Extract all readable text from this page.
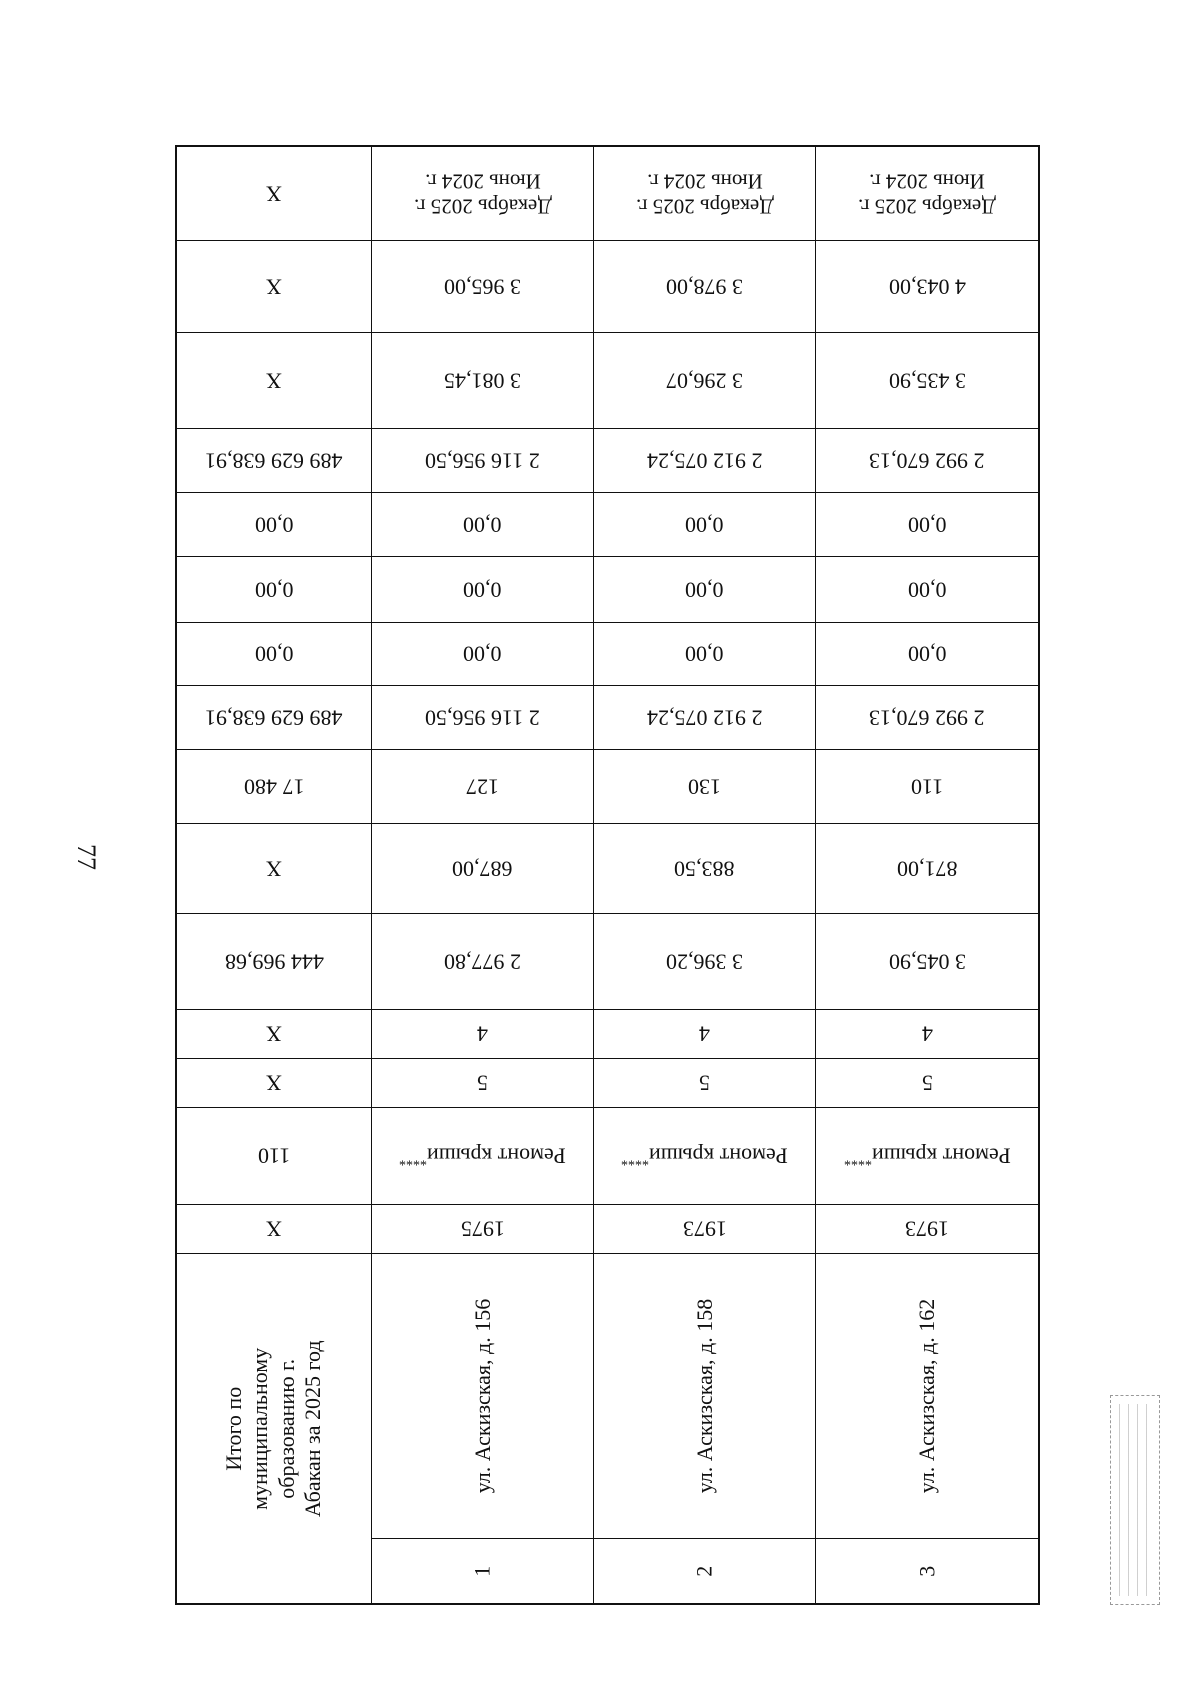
77
Х
Х
Х
489 629 638,91
0,00
0,00
0,00
489 629 638,91
17 480
Х
444 969,68
Х
Х
110
Х
Итого по муниципальному образованию г. Абакан за 2025 год
Декабрь 2025 г.
Июнь 2024 г.
3 965,00
3 081,45
2 116 956,50
0,00
0,00
0,00
2 116 956,50
127
687,00
2 977,80
4
5
Ремонт крыши****
1975
ул. Аскизская, д. 156
1
Декабрь 2025 г.
Июнь 2024 г.
3 978,00
3 296,07
2 912 075,24
0,00
0,00
0,00
2 912 075,24
130
883,50
3 396,20
4
5
Ремонт крыши****
1973
ул. Аскизская, д. 158
2
Декабрь 2025 г.
Июнь 2024 г.
4 043,00
3 435,90
2 992 670,13
0,00
0,00
0,00
2 992 670,13
110
871,00
3 045,90
4
5
Ремонт крыши****
1973
ул. Аскизская, д. 162
3
